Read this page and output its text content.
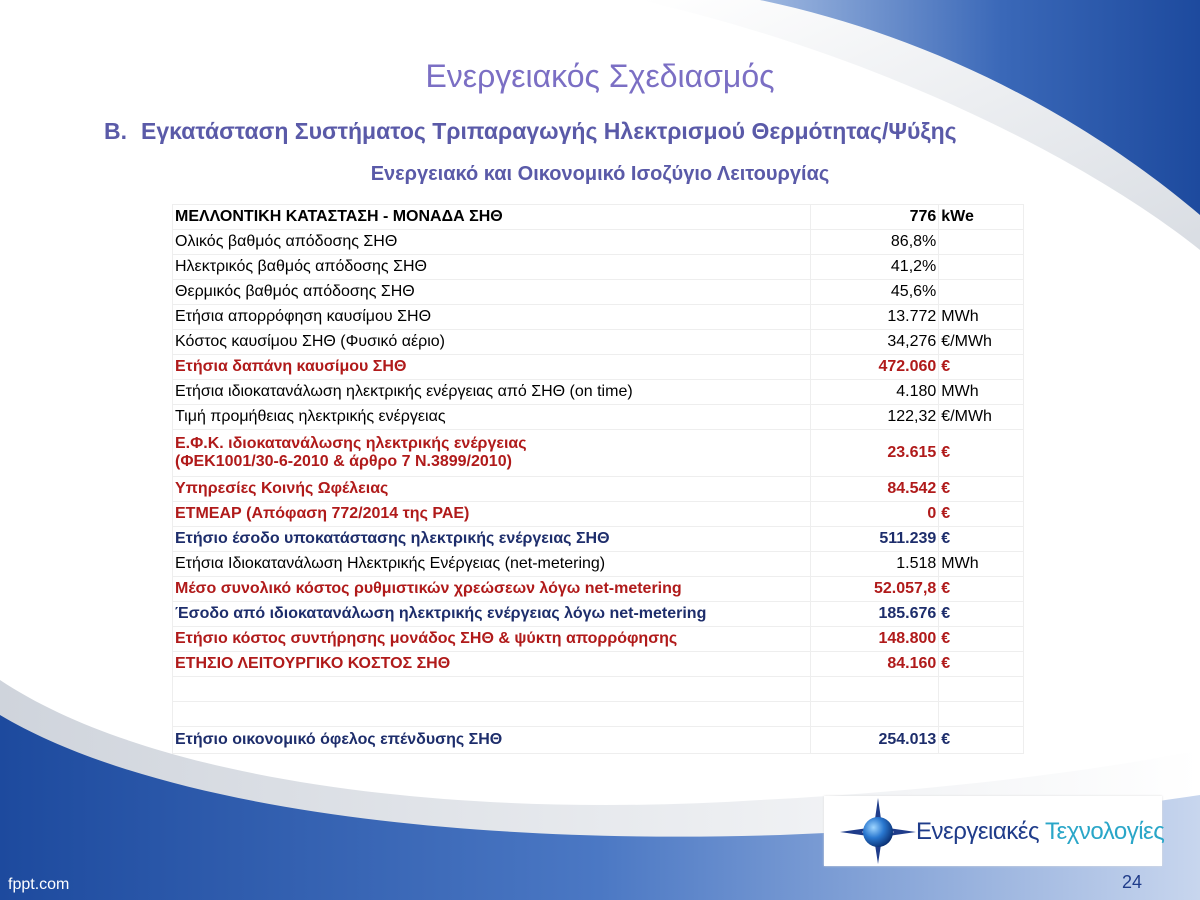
Ενεργειακός Σχεδιασμός
Β. Εγκατάσταση Συστήματος Τριπαραγωγής Ηλεκτρισμού Θερμότητας/Ψύξης
Ενεργειακό και Οικονομικό Ισοζύγιο Λειτουργίας
ΜΕΛΛΟΝΤΙΚΗ ΚΑΤΑΣΤΑΣΗ - ΜΟΝΑΔΑ ΣΗΘ	776	kWe
Ολικός βαθμός απόδοσης ΣΗΘ	86,8%	
Ηλεκτρικός βαθμός απόδοσης ΣΗΘ	41,2%	
Θερμικός βαθμός απόδοσης ΣΗΘ	45,6%	
Ετήσια απορρόφηση καυσίμου ΣΗΘ	13.772	MWh
Κόστος καυσίμου ΣΗΘ (Φυσικό αέριο)	34,276	€/MWh
Ετήσια δαπάνη καυσίμου ΣΗΘ	472.060	€
Ετήσια ιδιοκατανάλωση ηλεκτρικής ενέργειας από ΣΗΘ (on time)	4.180	MWh
Τιμή προμήθειας ηλεκτρικής ενέργειας	122,32	€/MWh
Ε.Φ.Κ. ιδιοκατανάλωσης ηλεκτρικής ενέργειας
(ΦΕΚ1001/30-6-2010 & άρθρο 7 Ν.3899/2010)	23.615	€
Υπηρεσίες Κοινής Ωφέλειας	84.542	€
ΕΤΜΕΑΡ (Απόφαση 772/2014 της ΡΑΕ)	0	€
Ετήσιο έσοδο υποκατάστασης ηλεκτρικής ενέργειας ΣΗΘ	511.239	€
Ετήσια Ιδιοκατανάλωση Ηλεκτρικής Ενέργειας (net-metering)	1.518	MWh
Μέσο συνολικό κόστος ρυθμιστικών χρεώσεων λόγω net-metering	52.057,8	€
Έσοδο από ιδιοκατανάλωση ηλεκτρικής ενέργειας λόγω net-metering	185.676	€
Ετήσιο κόστος συντήρησης μονάδος ΣΗΘ & ψύκτη απορρόφησης	148.800	€
ΕΤΗΣΙΟ ΛΕΙΤΟΥΡΓΙΚΟ ΚΟΣΤΟΣ ΣΗΘ	84.160	€

Ετήσιο οικονομικό όφελος επένδυσης ΣΗΘ	254.013	€
Ενεργειακές Τεχνολογίες
fppt.com	24
